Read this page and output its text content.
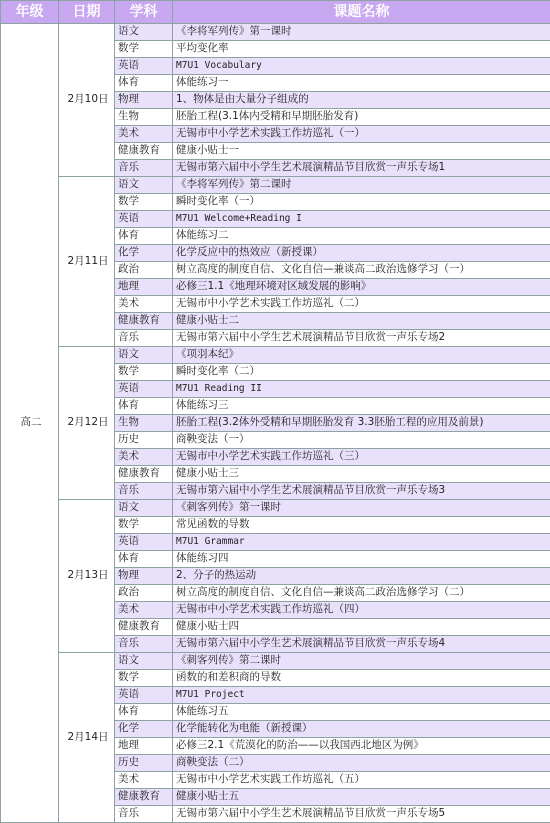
年级	日期	学科	课题名称
高二	2月10日	语文	《李将军列传》第一课时
		数学	平均变化率
		英语	M7U1 Vocabulary
		体育	体能练习一
		物理	1、物体是由大量分子组成的
		生物	胚胎工程(3.1体内受精和早期胚胎发育)
		美术	无锡市中小学艺术实践工作坊巡礼（一）
		健康教育	健康小贴士一
		音乐	无锡市第六届中小学生艺术展演精品节目欣赏一声乐专场1
	2月11日	语文	《李将军列传》第二课时
		数学	瞬时变化率（一）
		英语	M7U1 Welcome+Reading I
		体育	体能练习二
		化学	化学反应中的热效应（新授课）
		政治	树立高度的制度自信、文化自信—兼谈高二政治选修学习（一）
		地理	必修三1.1《地理环境对区域发展的影响》
		美术	无锡市中小学艺术实践工作坊巡礼（二）
		健康教育	健康小贴士二
		音乐	无锡市第六届中小学生艺术展演精品节目欣赏一声乐专场2
	2月12日	语文	《项羽本纪》
		数学	瞬时变化率（二）
		英语	M7U1 Reading II
		体育	体能练习三
		生物	胚胎工程(3.2体外受精和早期胚胎发育 3.3胚胎工程的应用及前景)
		历史	商鞅变法（一）
		美术	无锡市中小学艺术实践工作坊巡礼（三）
		健康教育	健康小贴士三
		音乐	无锡市第六届中小学生艺术展演精品节目欣赏一声乐专场3
	2月13日	语文	《刺客列传》第一课时
		数学	常见函数的导数
		英语	M7U1 Grammar
		体育	体能练习四
		物理	2、分子的热运动
		政治	树立高度的制度自信、文化自信—兼谈高二政治选修学习（二）
		美术	无锡市中小学艺术实践工作坊巡礼（四）
		健康教育	健康小贴士四
		音乐	无锡市第六届中小学生艺术展演精品节目欣赏一声乐专场4
	2月14日	语文	《刺客列传》第二课时
		数学	函数的和差积商的导数
		英语	M7U1 Project
		体育	体能练习五
		化学	化学能转化为电能（新授课）
		地理	必修三2.1《荒漠化的防治——以我国西北地区为例》
		历史	商鞅变法（二）
		美术	无锡市中小学艺术实践工作坊巡礼（五）
		健康教育	健康小贴士五
		音乐	无锡市第六届中小学生艺术展演精品节目欣赏一声乐专场5
